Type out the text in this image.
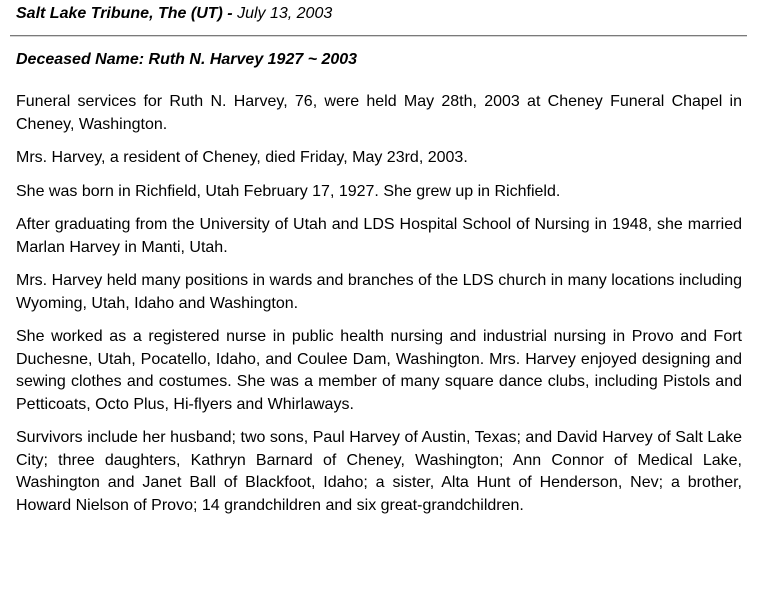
Salt Lake Tribune, The (UT) - July 13, 2003
Deceased Name: Ruth N. Harvey 1927 ~ 2003

Funeral services for Ruth N. Harvey, 76, were held May 28th, 2003 at Cheney Funeral Chapel in Cheney, Washington.

Mrs. Harvey, a resident of Cheney, died Friday, May 23rd, 2003.

She was born in Richfield, Utah February 17, 1927. She grew up in Richfield.

After graduating from the University of Utah and LDS Hospital School of Nursing in 1948, she married Marlan Harvey in Manti, Utah.

Mrs. Harvey held many positions in wards and branches of the LDS church in many locations including Wyoming, Utah, Idaho and Washington.

She worked as a registered nurse in public health nursing and industrial nursing in Provo and Fort Duchesne, Utah, Pocatello, Idaho, and Coulee Dam, Washington. Mrs. Harvey enjoyed designing and sewing clothes and costumes. She was a member of many square dance clubs, including Pistols and Petticoats, Octo Plus, Hi-flyers and Whirlaways.

Survivors include her husband; two sons, Paul Harvey of Austin, Texas; and David Harvey of Salt Lake City; three daughters, Kathryn Barnard of Cheney, Washington; Ann Connor of Medical Lake, Washington and Janet Ball of Blackfoot, Idaho; a sister, Alta Hunt of Henderson, Nev; a brother, Howard Nielson of Provo; 14 grandchildren and six great-grandchildren.
